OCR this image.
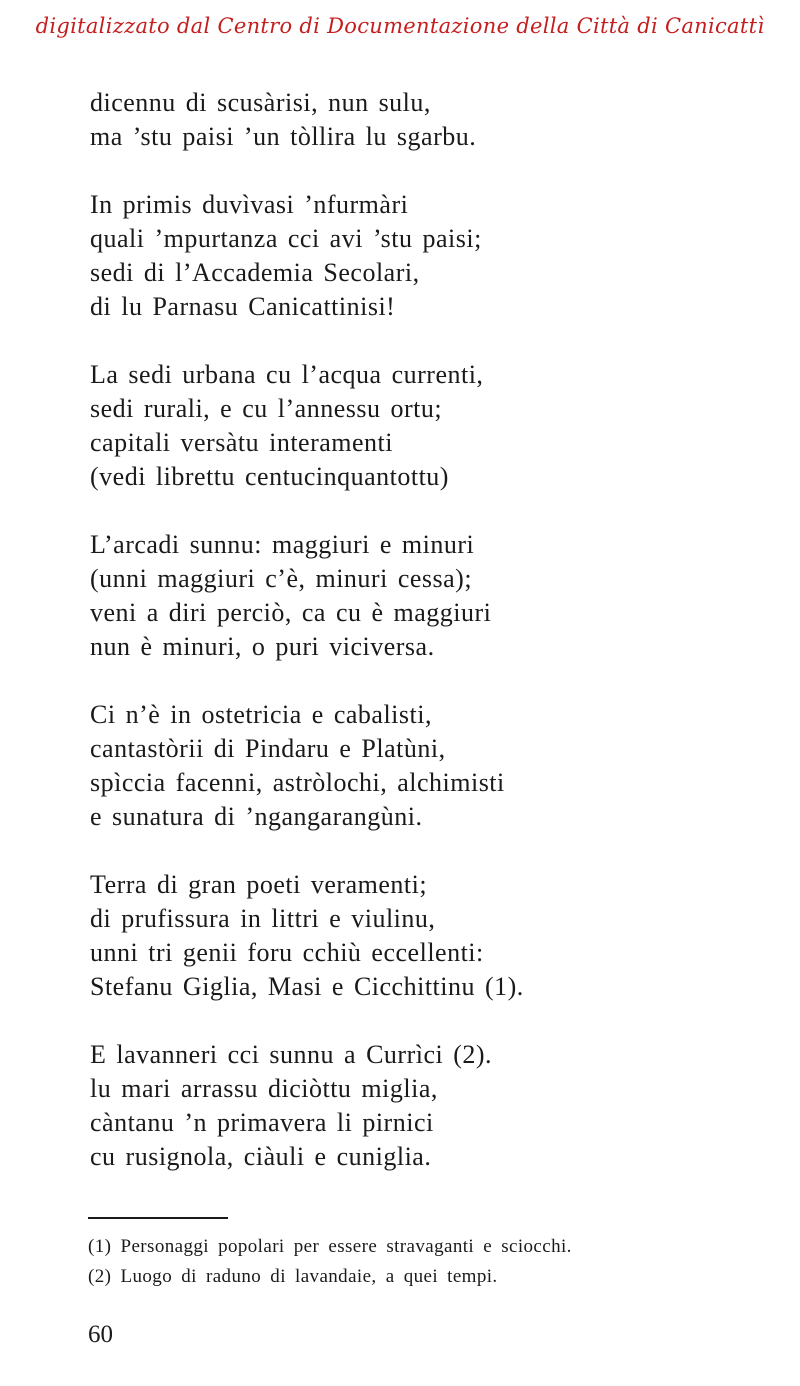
digitalizzato dal Centro di Documentazione della Città di Canicattì
dicennu di scusàrisi, nun sulu,
ma ’stu paisi ’un tòllira lu sgarbu.
In primis duvìvasi ’nfurmàri
quali ’mpurtanza cci avi ’stu paisi;
sedi di l’Accademia Secolari,
di lu Parnasu Canicattinisi!
La sedi urbana cu l’acqua currenti,
sedi rurali, e cu l’annessu ortu;
capitali versàtu interamenti
(vedi librettu centucinquantottu)
L’arcadi sunnu: maggiuri e minuri
(unni maggiuri c’è, minuri cessa);
veni a diri perciò, ca cu è maggiuri
nun è minuri, o puri viciversa.
Ci n’è in ostetricia e cabalisti,
cantastòrii di Pindaru e Platùni,
spìccia facenni, astròlochi, alchimisti
e sunatura di ’ngangarangùni.
Terra di gran poeti veramenti;
di prufissura in littri e viulinu,
unni tri genii foru cchiù eccellenti:
Stefanu Giglia, Masi e Cicchittinu (1).
E lavanneri cci sunnu a Currìci (2).
lu mari arrassu diciòttu miglia,
càntanu ’n primavera li pirnici
cu rusignola, ciàuli e cuniglia.
(1) Personaggi popolari per essere stravaganti e sciocchi.
(2) Luogo di raduno di lavandaie, a quei tempi.
60
